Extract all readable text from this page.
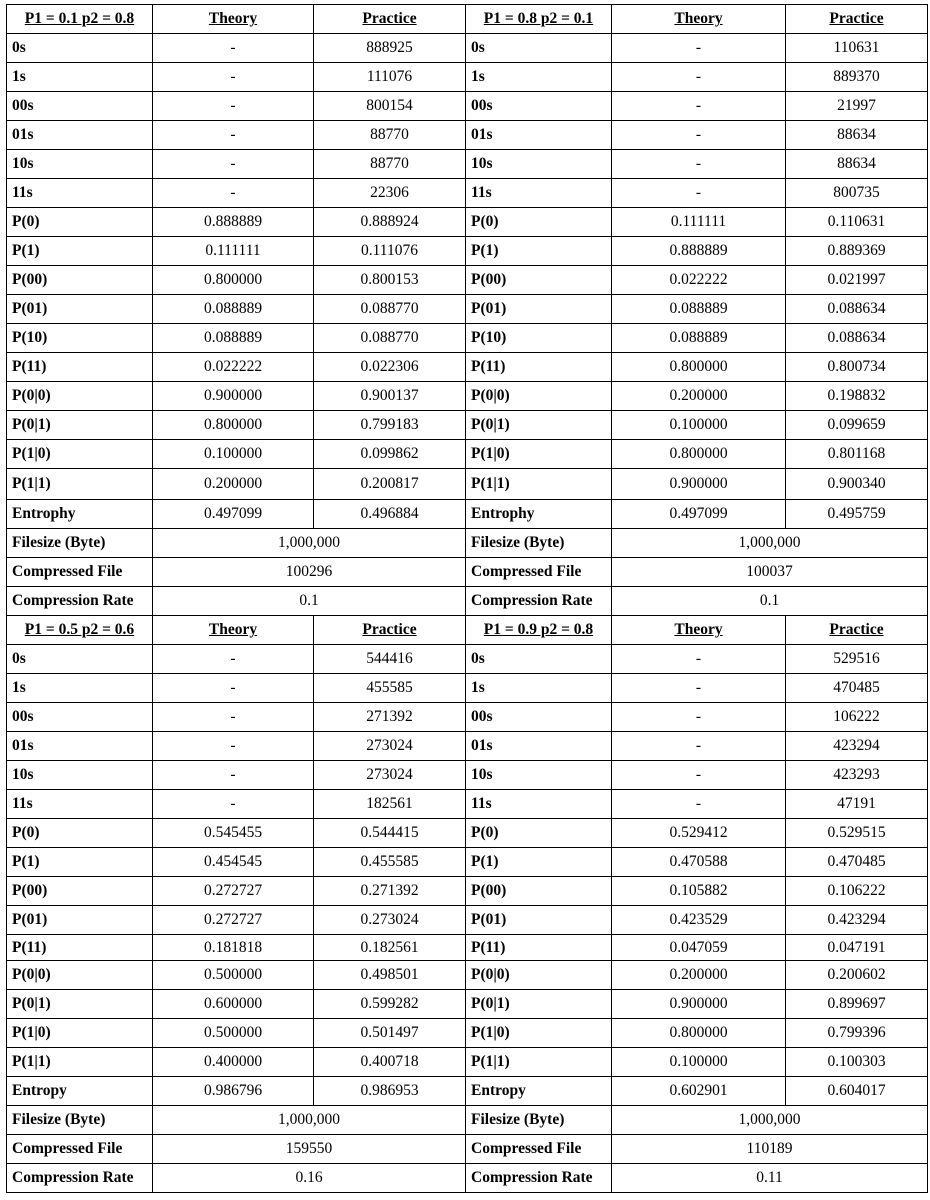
P1 = 0.1 p2 = 0.8	Theory	Practice	P1 = 0.8 p2 = 0.1	Theory	Practice
0s	-	888925	0s	-	110631
1s	-	111076	1s	-	889370
00s	-	800154	00s	-	21997
01s	-	88770	01s	-	88634
10s	-	88770	10s	-	88634
11s	-	22306	11s	-	800735
P(0)	0.888889	0.888924	P(0)	0.111111	0.110631
P(1)	0.111111	0.111076	P(1)	0.888889	0.889369
P(00)	0.800000	0.800153	P(00)	0.022222	0.021997
P(01)	0.088889	0.088770	P(01)	0.088889	0.088634
P(10)	0.088889	0.088770	P(10)	0.088889	0.088634
P(11)	0.022222	0.022306	P(11)	0.800000	0.800734
P(0|0)	0.900000	0.900137	P(0|0)	0.200000	0.198832
P(0|1)	0.800000	0.799183	P(0|1)	0.100000	0.099659
P(1|0)	0.100000	0.099862	P(1|0)	0.800000	0.801168
P(1|1)	0.200000	0.200817	P(1|1)	0.900000	0.900340
Entrophy	0.497099	0.496884	Entrophy	0.497099	0.495759
Filesize (Byte)	1,000,000		Filesize (Byte)	1,000,000	
Compressed File	100296		Compressed File	100037	
Compression Rate	0.1		Compression Rate	0.1	
P1 = 0.5 p2 = 0.6	Theory	Practice	P1 = 0.9 p2 = 0.8	Theory	Practice
0s	-	544416	0s	-	529516
1s	-	455585	1s	-	470485
00s	-	271392	00s	-	106222
01s	-	273024	01s	-	423294
10s	-	273024	10s	-	423293
11s	-	182561	11s	-	47191
P(0)	0.545455	0.544415	P(0)	0.529412	0.529515
P(1)	0.454545	0.455585	P(1)	0.470588	0.470485
P(00)	0.272727	0.271392	P(00)	0.105882	0.106222
P(01)	0.272727	0.273024	P(01)	0.423529	0.423294
P(11)	0.181818	0.182561	P(11)	0.047059	0.047191
P(0|0)	0.500000	0.498501	P(0|0)	0.200000	0.200602
P(0|1)	0.600000	0.599282	P(0|1)	0.900000	0.899697
P(1|0)	0.500000	0.501497	P(1|0)	0.800000	0.799396
P(1|1)	0.400000	0.400718	P(1|1)	0.100000	0.100303
Entropy	0.986796	0.986953	Entropy	0.602901	0.604017
Filesize (Byte)	1,000,000		Filesize (Byte)	1,000,000	
Compressed File	159550		Compressed File	110189	
Compression Rate	0.16		Compression Rate	0.11	
